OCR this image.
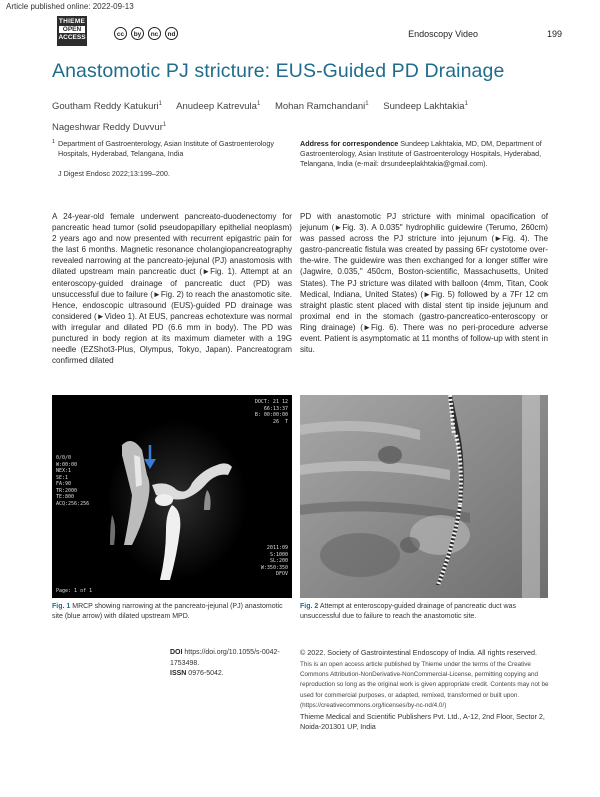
Article published online: 2022-09-13
THIEME
OPEN
ACCESS	cc	by	nc	nd	Endoscopy Video	199
Anastomotic PJ stricture: EUS-Guided PD Drainage
Goutham Reddy Katukuri$^1$ Anudeep Katrevula$^1$ Mohan Ramchandani$^1$ Sundeep Lakhtakia$^1$
Nageshwar Reddy Duvvur$^1$
1 Department of Gastroenterology, Asian Institute of Gastroenterology Hospitals, Hyderabad, Telangana, India
J Digest Endosc 2022;13:199–200.
Address for correspondence Sundeep Lakhtakia, MD, DM, Department of Gastroenterology, Asian Institute of Gastroenterology Hospitals, Hyderabad, Telangana, India (e-mail: drsundeeplakhtakia@gmail.com).
A 24-year-old female underwent pancreato-duodenectomy for pancreatic head tumor (solid pseudopapillary epithelial neoplasm) 2 years ago and now presented with recurrent epigastric pain for the last 6 months. Magnetic resonance cholangiopancreatography revealed narrowing at the pancreato-jejunal (PJ) anastomosis with dilated upstream main pancreatic duct (►Fig. 1). Attempt at an enteroscopy-guided drainage of pancreatic duct (PD) was unsuccessful due to failure (►Fig. 2) to reach the anastomotic site. Hence, endoscopic ultrasound (EUS)-guided PD drainage was considered (►Video 1). At EUS, pancreas echotexture was normal with irregular and dilated PD (6.6 mm in body). The PD was punctured in body region at its maximum diameter with a 19G needle (EZShot3-Plus, Olympus, Tokyo, Japan). Pancreatogram confirmed dilated
PD with anastomotic PJ stricture with minimal opacification of jejunum (►Fig. 3). A 0.035" hydrophilic guidewire (Terumo, 260cm) was passed across the PJ stricture into jejunum (►Fig. 4). The gastro-pancreatic fistula was created by passing 6Fr cystotome over-the-wire. The guidewire was then exchanged for a longer stiffer wire (Jagwire, 0.035," 450cm, Boston-scientific, Massachusetts, United States). The PJ stricture was dilated with balloon (4mm, Titan, Cook Medical, Indiana, United States) (►Fig. 5) followed by a 7Fr 12 cm straight plastic stent placed with distal stent tip inside jejunum and proximal end in the stomach (gastro-pancreatico-enteroscopy or Ring drainage) (►Fig. 6). There was no peri-procedure adverse event. Patient is asymptomatic at 11 months of follow-up with stent in situ.
0/0/0
W:00:00
NEX:1
SE:1
FA:90
TR:2000
TE:800
ACQ:256:256
DOCT: 21 12
66:13:37
B: 00:00:00
26  T
2011:09
S:1000
SL:200
W:350:350
DFOV
Page: 1 of 1
Fig. 1 MRCP showing narrowing at the pancreato-jejunal (PJ) anastomotic site (blue arrow) with dilated upstream MPD.
Fig. 2 Attempt at enteroscopy-guided drainage of pancreatic duct was unsuccessful due to failure to reach the anastomotic site.
DOI https://doi.org/10.1055/s-0042-1753498.
ISSN 0976-5042.
© 2022. Society of Gastrointestinal Endoscopy of India. All rights reserved.
This is an open access article published by Thieme under the terms of the Creative Commons Attribution-NonDerivative-NonCommercial-License, permitting copying and reproduction so long as the original work is given appropriate credit. Contents may not be used for commercial purposes, or adapted, remixed, transformed or built upon. (https://creativecommons.org/licenses/by-nc-nd/4.0/)
Thieme Medical and Scientific Publishers Pvt. Ltd., A-12, 2nd Floor, Sector 2, Noida-201301 UP, India
